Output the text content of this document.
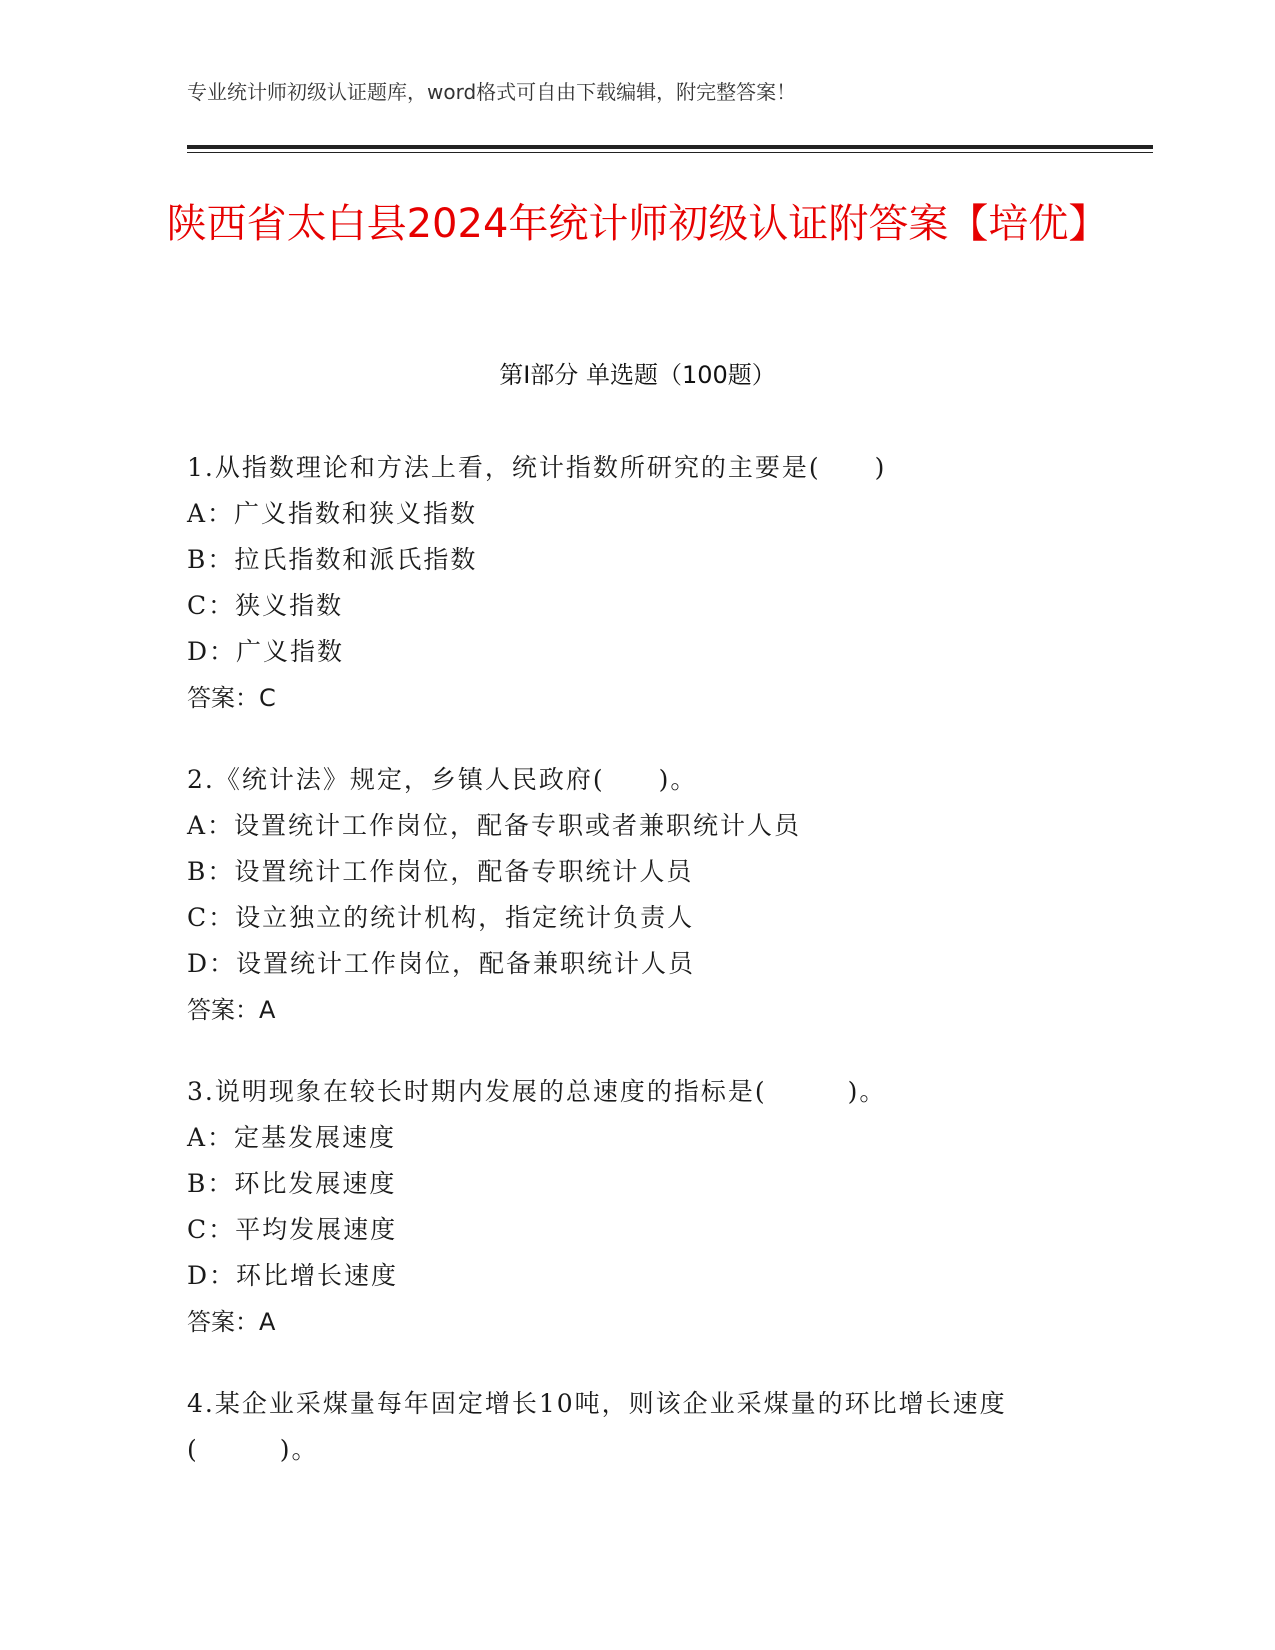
专业统计师初级认证题库，word格式可自由下载编辑，附完整答案！
陕西省太白县2024年统计师初级认证附答案【培优】
第Ⅰ部分 单选题（100题）
1.从指数理论和方法上看，统计指数所研究的主要是(　　)
A：广义指数和狭义指数
B：拉氏指数和派氏指数
C：狭义指数
D：广义指数
答案：C
2.《统计法》规定，乡镇人民政府(　　)。
A：设置统计工作岗位，配备专职或者兼职统计人员
B：设置统计工作岗位，配备专职统计人员
C：设立独立的统计机构，指定统计负责人
D：设置统计工作岗位，配备兼职统计人员
答案：A
3.说明现象在较长时期内发展的总速度的指标是(　　　)。
A：定基发展速度
B：环比发展速度
C：平均发展速度
D：环比增长速度
答案：A
4.某企业采煤量每年固定增长10吨，则该企业采煤量的环比增长速度
(　　　)。
